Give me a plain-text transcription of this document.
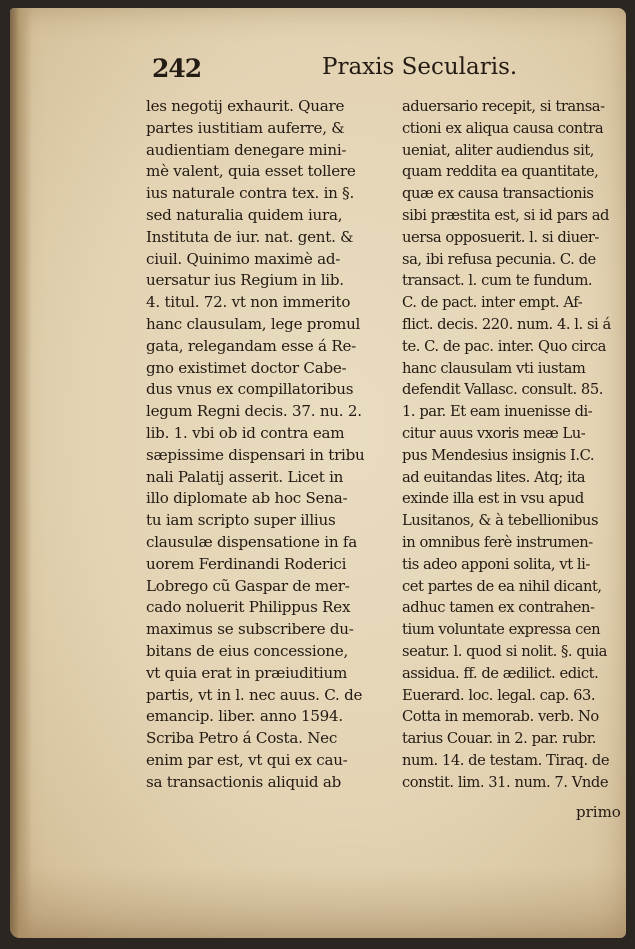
242	Praxis Secularis.
les negotij exhaurit. Quare
partes iustitiam auferre, &
audientiam denegare mini-
mè valent, quia esset tollere
ius naturale contra tex. in §.
sed naturalia quidem iura,
Instituta de iur. nat. gent. &
ciuil. Quinimo maximè ad-
uersatur ius Regium in lib.
4. titul. 72. vt non immerito
hanc clausulam, lege promul
gata, relegandam esse á Re-
gno existimet doctor Cabe-
dus vnus ex compillatoribus
legum Regni decis. 37. nu. 2.
lib. 1. vbi ob id contra eam
sæpissime dispensari in tribu
nali Palatij asserit. Licet in
illo diplomate ab hoc Sena-
tu iam scripto super illius
clausulæ dispensatione in fa
uorem Ferdinandi Roderici
Lobrego cũ Gaspar de mer-
cado noluerit Philippus Rex
maximus se subscribere du-
bitans de eius concessione,
vt quia erat in præiuditium
partis, vt in l. nec auus. C. de
emancip. liber. anno 1594.
Scriba Petro á Costa. Nec
enim par est, vt qui ex cau-
sa transactionis aliquid ab
aduersario recepit, si transa-
ctioni ex aliqua causa contra
ueniat, aliter audiendus sit,
quam reddita ea quantitate,
quæ ex causa transactionis
sibi præstita est, si id pars ad
uersa opposuerit. l. si diuer-
sa, ibi refusa pecunia. C. de
transact. l. cum te fundum.
C. de pact. inter empt. Af-
flict. decis. 220. num. 4. l. si á
te. C. de pac. inter. Quo circa
hanc clausulam vti iustam
defendit Vallasc. consult. 85.
1. par. Et eam inuenisse di-
citur auus vxoris meæ Lu-
pus Mendesius insignis I.C.
ad euitandas lites. Atq; ita
exinde illa est in vsu apud
Lusitanos, & à tebellionibus
in omnibus ferè instrumen-
tis adeo apponi solita, vt li-
cet partes de ea nihil dicant,
adhuc tamen ex contrahen-
tium voluntate expressa cen
seatur. l. quod si nolit. §. quia
assidua. ff. de ædilict. edict.
Euerard. loc. legal. cap. 63.
Cotta in memorab. verb. No
tarius Couar. in 2. par. rubr.
num. 14. de testam. Tiraq. de
constit. lim. 31. num. 7. Vnde
primo
